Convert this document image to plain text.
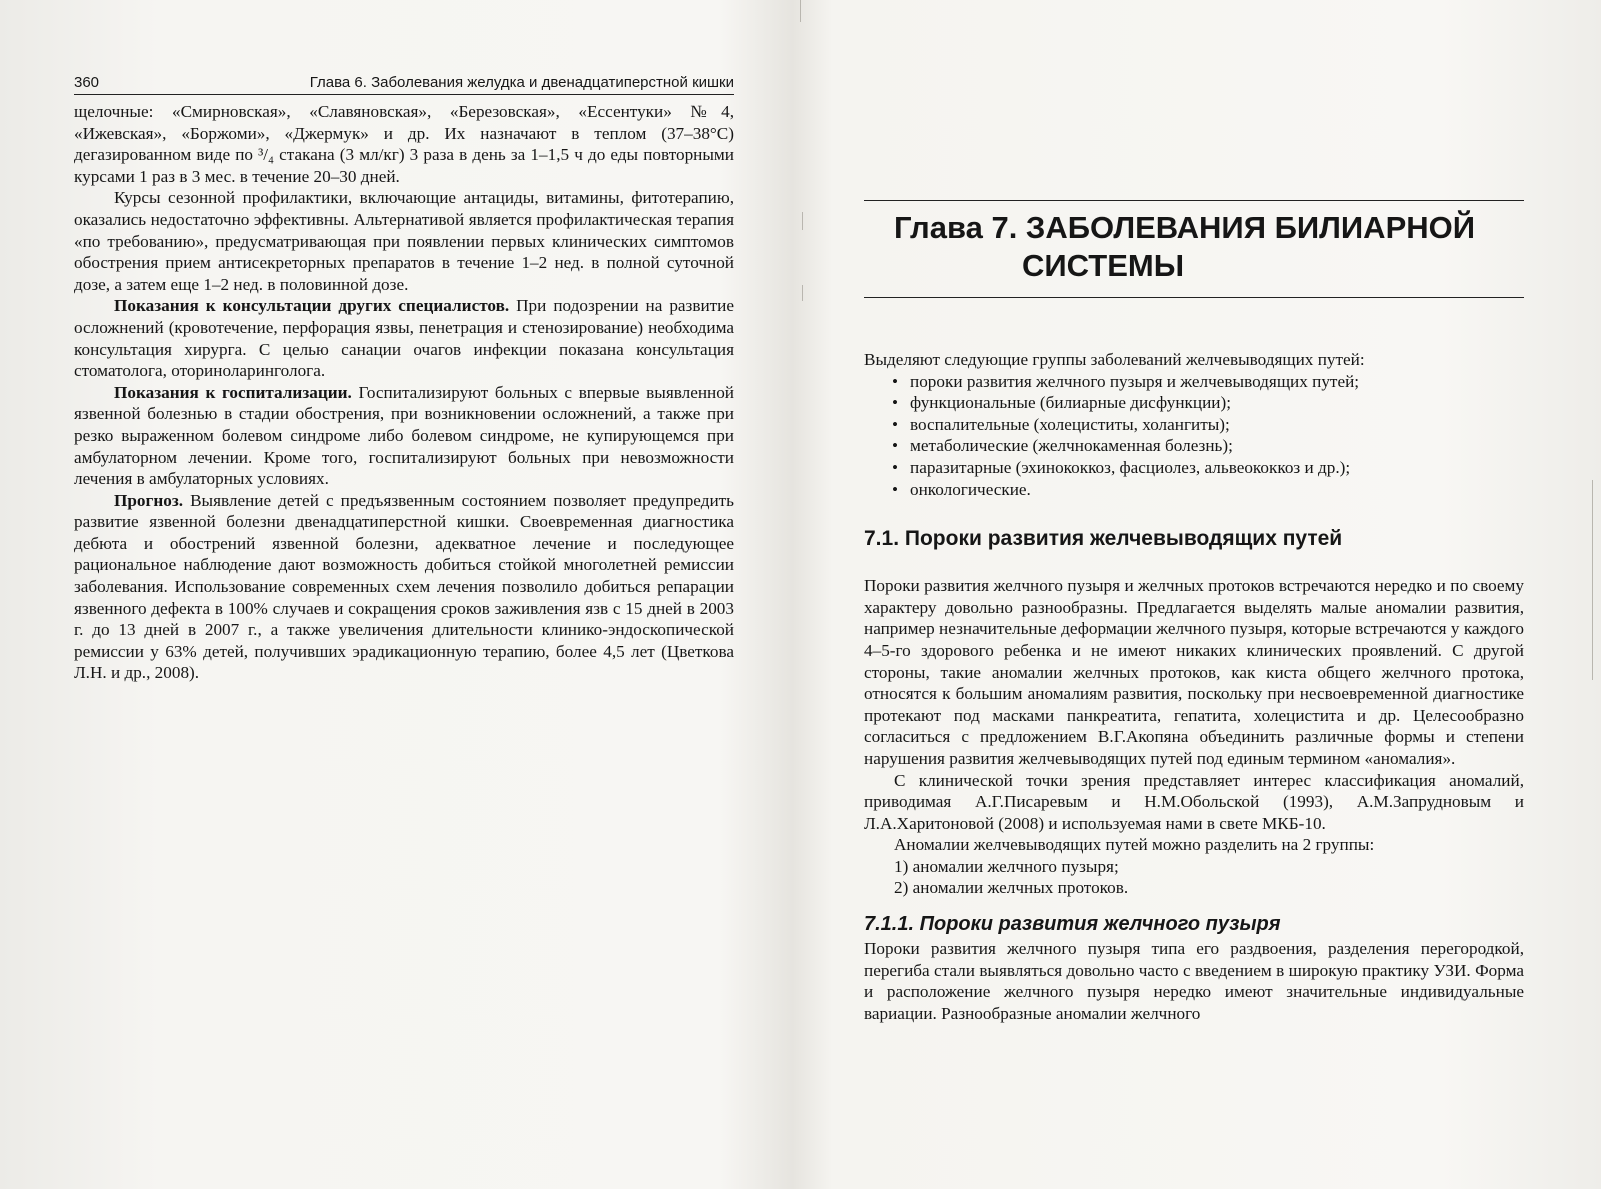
360	Глава 6. Заболевания желудка и двенадцатиперстной кишки

щелочные: «Смирновская», «Славяновская», «Березовская», «Ессентуки» №4, «Ижевская», «Боржоми», «Джермук» и др. Их назначают в теплом (37–38°С) дегазированном виде по ³/₄ стакана (3 мл/кг) 3 раза в день за 1–1,5 ч до еды повторными курсами 1 раз в 3 мес. в течение 20–30 дней.

Курсы сезонной профилактики, включающие антациды, витамины, фитотерапию, оказались недостаточно эффективны. Альтернативой является профилактическая терапия «по требованию», предусматривающая при появлении первых клинических симптомов обострения прием антисекреторных препаратов в течение 1–2 нед. в полной суточной дозе, а затем еще 1–2 нед. в половинной дозе.

Показания к консультации других специалистов. При подозрении на развитие осложнений (кровотечение, перфорация язвы, пенетрация и стенозирование) необходима консультация хирурга. С целью санации очагов инфекции показана консультация стоматолога, оториноларинголога.

Показания к госпитализации. Госпитализируют больных с впервые выявленной язвенной болезнью в стадии обострения, при возникновении осложнений, а также при резко выраженном болевом синдроме либо болевом синдроме, не купирующемся при амбулаторном лечении. Кроме того, госпитализируют больных при невозможности лечения в амбулаторных условиях.

Прогноз. Выявление детей с предъязвенным состоянием позволяет предупредить развитие язвенной болезни двенадцатиперстной кишки. Своевременная диагностика дебюта и обострений язвенной болезни, адекватное лечение и последующее рациональное наблюдение дают возможность добиться стойкой многолетней ремиссии заболевания. Использование современных схем лечения позволило добиться репарации язвенного дефекта в 100% случаев и сокращения сроков заживления язв с 15 дней в 2003 г. до 13 дней в 2007 г., а также увеличения длительности клинико-эндоскопической ремиссии у 63% детей, получивших эрадикационную терапию, более 4,5 лет (Цветкова Л.Н. и др., 2008).

Глава 7. ЗАБОЛЕВАНИЯ БИЛИАРНОЙ
СИСТЕМЫ
Выделяют следующие группы заболеваний желчевыводящих путей:
• пороки развития желчного пузыря и желчевыводящих путей;
• функциональные (билиарные дисфункции);
• воспалительные (холециститы, холангиты);
• метаболические (желчнокаменная болезнь);
• паразитарные (эхинококкоз, фасциолез, альвеококкоз и др.);
• онкологические.
7.1. Пороки развития желчевыводящих путей

Пороки развития желчного пузыря и желчных протоков встречаются нередко и по своему характеру довольно разнообразны. Предлагается выделять малые аномалии развития, например незначительные деформации желчного пузыря, которые встречаются у каждого 4–5-го здорового ребенка и не имеют никаких клинических проявлений. С другой стороны, такие аномалии желчных протоков, как киста общего желчного протока, относятся к большим аномалиям развития, поскольку при несвоевременной диагностике протекают под масками панкреатита, гепатита, холецистита и др. Целесообразно согласиться с предложением В.Г.Акопяна объединить различные формы и степени нарушения развития желчевыводящих путей под единым термином «аномалия».

С клинической точки зрения представляет интерес классификация аномалий, приводимая А.Г.Писаревым и Н.М.Обольской (1993), А.М.Запрудновым и Л.А.Харитоновой (2008) и используемая нами в свете МКБ-10.

Аномалии желчевыводящих путей можно разделить на 2 группы:

1) аномалии желчного пузыря;
2) аномалии желчных протоков.
7.1.1. Пороки развития желчного пузыря

Пороки развития желчного пузыря типа его раздвоения, разделения перегородкой, перегиба стали выявляться довольно часто с введением в широкую практику УЗИ. Форма и расположение желчного пузыря нередко имеют значительные индивидуальные вариации. Разнообразные аномалии желчного
